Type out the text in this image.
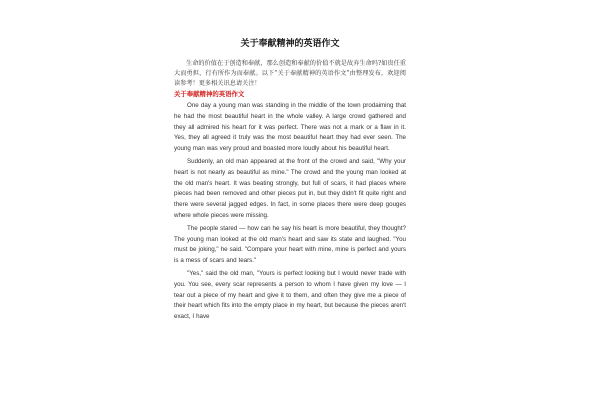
关于奉献精神的英语作文

生命的价值在于创造和奉献，那么创造和奉献的价值不就是故弃生命吗?如贵任重大而勇担，行有所作为而奉献。以下“关于奉献精神的英语作文”由整理发布，欢迎阅读参考！更多相关讯息请关注！

关于奉献精神的英语作文

One day a young man was standing in the middle of the town prodaiming that he had the most beautiful heart in the whole valley. A large crowd gathered and they all admired his heart for it was perfect. There was not a mark or a flaw in it. Yes, they all agreed it truly was the most beautiful heart they had ever seen. The young man was very proud and boasted more loudly about his beautiful heart.

Suddenly, an old man appeared at the front of the crowd and said, "Why your heart is not nearly as beautiful as mine." The crowd and the young man looked at the old man's heart. It was beating strongly, but full of scars, it had places where pieces had been removed and other pieces put in, but they didn't fit quite right and there were several jagged edges. In fact, in some places there were deep gouges where whole pieces were missing.

The people stared — how can he say his heart is more beautiful, they thought? The young man looked at the old man's heart and saw its state and laughed. "You must be joking," he said. "Compare your heart with mine, mine is perfect and yours is a mess of scars and tears."

"Yes," said the old man, "Yours is perfect looking but I would never trade with you. You see, every scar represents a person to whom I have given my love — I tear out a piece of my heart and give it to them, and often they give me a piece of their heart which fits into the empty place in my heart, but because the pieces aren't exact, I have
